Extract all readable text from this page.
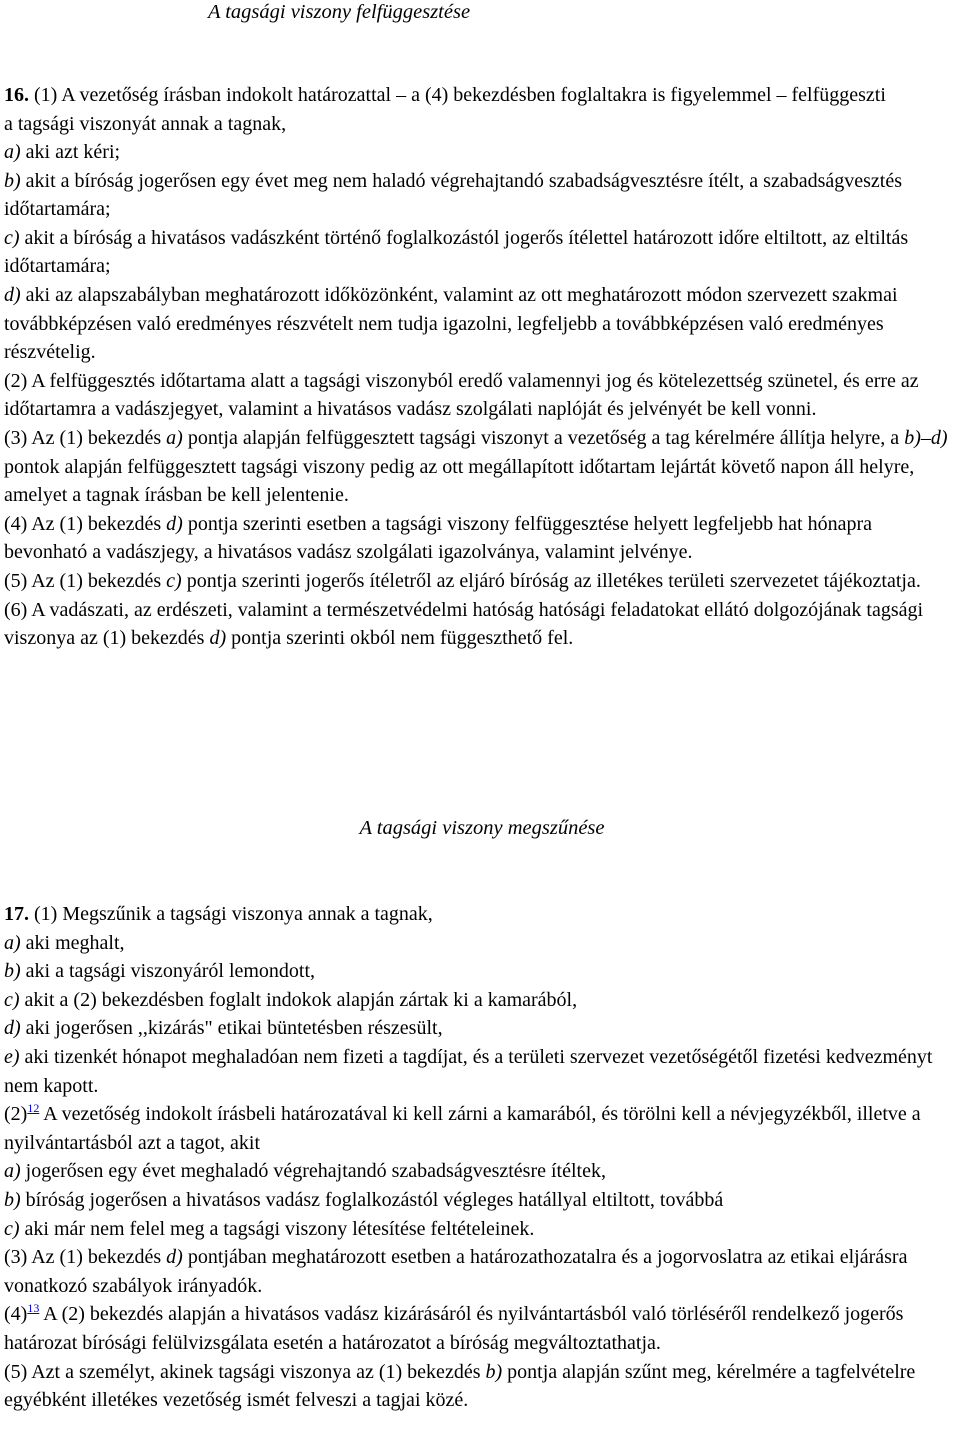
A tagsági viszony felfüggesztése
16. (1) A vezetőség írásban indokolt határozattal – a (4) bekezdésben foglaltakra is figyelemmel – felfüggeszti a tagsági viszonyát annak a tagnak,
a) aki azt kéri;
b) akit a bíróság jogerősen egy évet meg nem haladó végrehajtandó szabadságvesztésre ítélt, a szabadságvesztés időtartamára;
c) akit a bíróság a hivatásos vadászként történő foglalkozástól jogerős ítélettel határozott időre eltiltott, az eltiltás időtartamára;
d) aki az alapszabályban meghatározott időközönként, valamint az ott meghatározott módon szervezett szakmai továbbképzésen való eredményes részvételt nem tudja igazolni, legfeljebb a továbbképzésen való eredményes részvételig.
(2) A felfüggesztés időtartama alatt a tagsági viszonyból eredő valamennyi jog és kötelezettség szünetel, és erre az időtartamra a vadászjegyet, valamint a hivatásos vadász szolgálati naplóját és jelvényét be kell vonni.
(3) Az (1) bekezdés a) pontja alapján felfüggesztett tagsági viszonyt a vezetőség a tag kérelmére állítja helyre, a b)–d) pontok alapján felfüggesztett tagsági viszony pedig az ott megállapított időtartam lejártát követő napon áll helyre, amelyet a tagnak írásban be kell jelentenie.
(4) Az (1) bekezdés d) pontja szerinti esetben a tagsági viszony felfüggesztése helyett legfeljebb hat hónapra bevonható a vadászjegy, a hivatásos vadász szolgálati igazolványa, valamint jelvénye.
(5) Az (1) bekezdés c) pontja szerinti jogerős ítéletről az eljáró bíróság az illetékes területi szervezetet tájékoztatja.
(6) A vadászati, az erdészeti, valamint a természetvédelmi hatóság hatósági feladatokat ellátó dolgozójának tagsági viszonya az (1) bekezdés d) pontja szerinti okból nem függeszthető fel.
A tagsági viszony megszűnése
17. (1) Megszűnik a tagsági viszonya annak a tagnak,
a) aki meghalt,
b) aki a tagsági viszonyáról lemondott,
c) akit a (2) bekezdésben foglalt indokok alapján zártak ki a kamarából,
d) aki jogerősen ,,kizárás" etikai büntetésben részesült,
e) aki tizenkét hónapot meghaladóan nem fizeti a tagdíjat, és a területi szervezet vezetőségétől fizetési kedvezményt nem kapott.
(2)$^{12}$ A vezetőség indokolt írásbeli határozatával ki kell zárni a kamarából, és törölni kell a névjegyzékből, illetve a nyilvántartásból azt a tagot, akit
a) jogerősen egy évet meghaladó végrehajtandó szabadságvesztésre ítéltek,
b) bíróság jogerősen a hivatásos vadász foglalkozástól végleges hatállyal eltiltott, továbbá
c) aki már nem felel meg a tagsági viszony létesítése feltételeinek.
(3) Az (1) bekezdés d) pontjában meghatározott esetben a határozathozatalra és a jogorvoslatra az etikai eljárásra vonatkozó szabályok irányadók.
(4)$^{13}$ A (2) bekezdés alapján a hivatásos vadász kizárásáról és nyilvántartásból való törléséről rendelkező jogerős határozat bírósági felülvizsgálata esetén a határozatot a bíróság megváltoztathatja.
(5) Azt a személyt, akinek tagsági viszonya az (1) bekezdés b) pontja alapján szűnt meg, kérelmére a tagfelvételre egyébként illetékes vezetőség ismét felveszi a tagjai közé.
